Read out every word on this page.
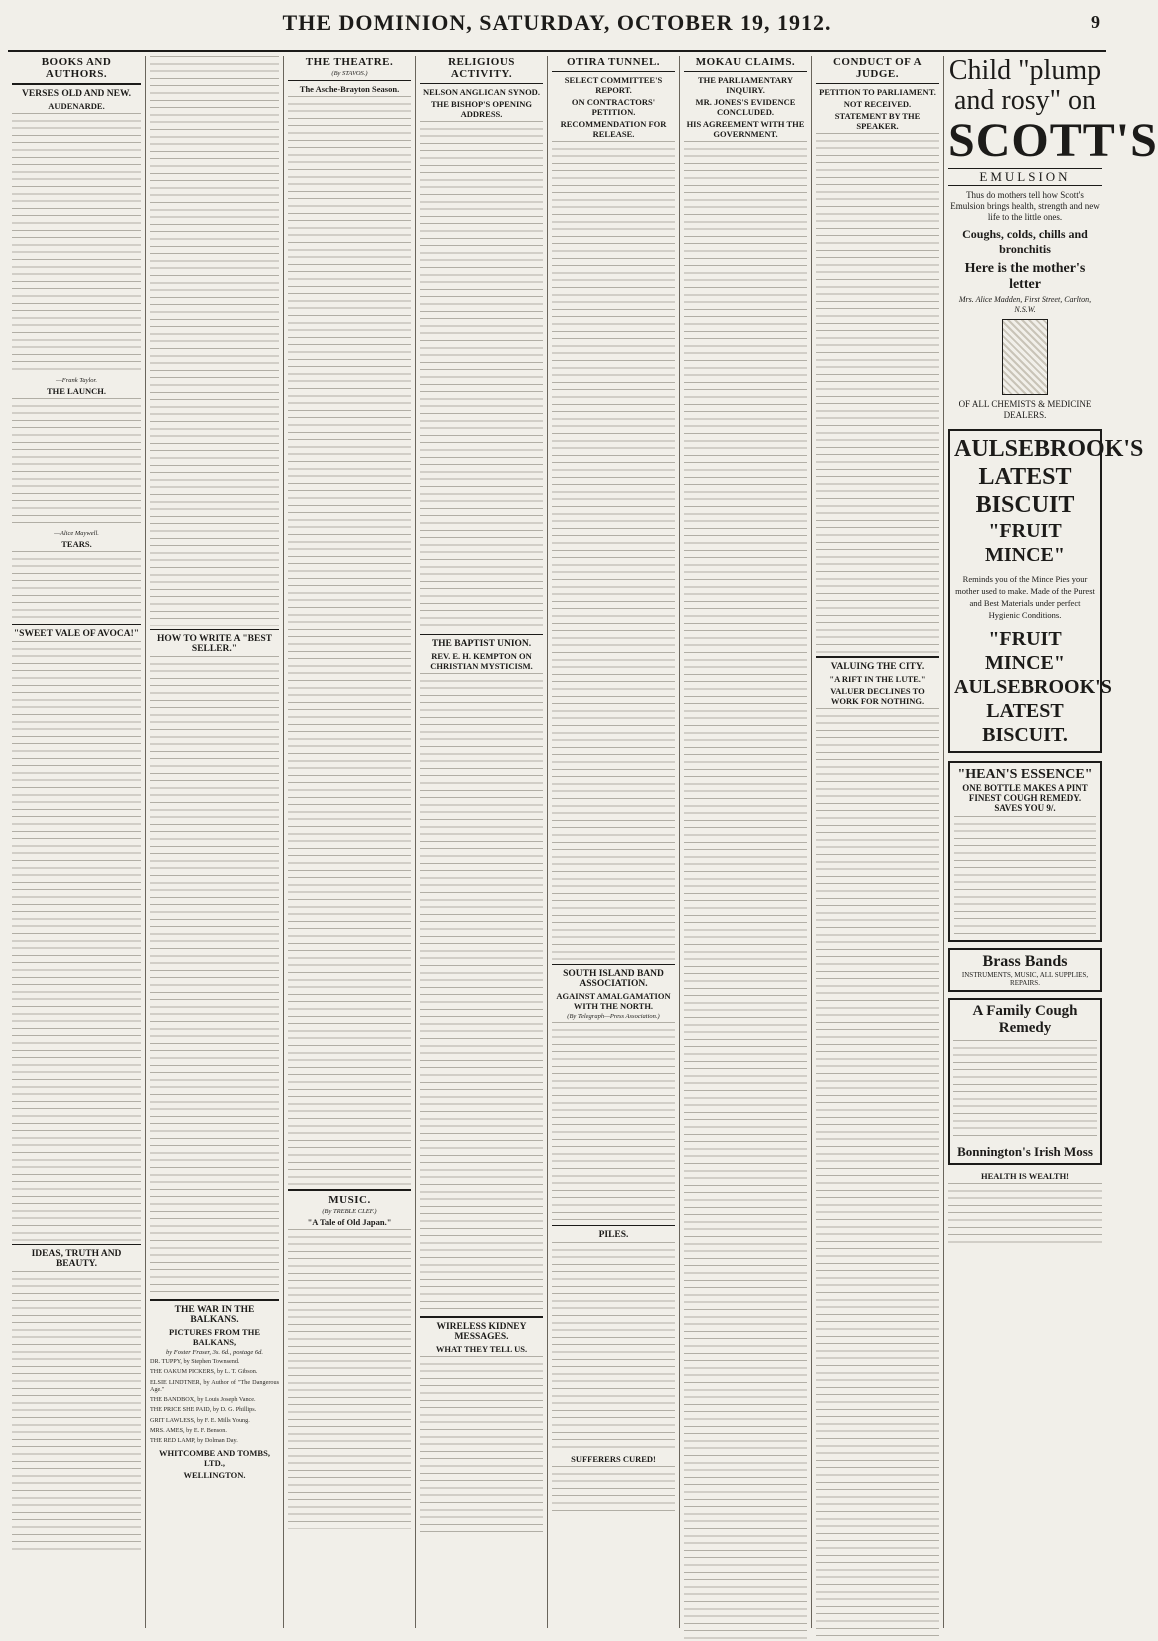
THE DOMINION, SATURDAY, OCTOBER 19, 1912.	9
BOOKS AND AUTHORS.
VERSES OLD AND NEW.
AUDENARDE.
—Frank Taylor.
THE LAUNCH.
—Alice Maywell.
TEARS.
"SWEET VALE OF AVOCA!"
IDEAS, TRUTH AND BEAUTY.
HOW TO WRITE A "BEST SELLER."
THE WAR IN THE BALKANS.
PICTURES FROM THE BALKANS,
by Foster Fraser, 3s. 6d., postage 6d.

DR. TUPPY, by Stephen Townsend.

THE OAKUM PICKERS, by L. T. Gibson.

ELSIE LINDTNER, by Author of "The Dangerous Age."

THE BANDBOX, by Louis Joseph Vance.

THE PRICE SHE PAID, by D. G. Phillips.

GRIT LAWLESS, by F. E. Mills Young.

MRS. AMES, by E. F. Benson.

THE RED LAMP, by Dolman Day.

WHITCOMBE AND TOMBS, LTD.,
WELLINGTON.
THE THEATRE.
(By STAVOS.)
The Asche-Brayton Season.
MUSIC.
(By TREBLE CLEF.)
"A Tale of Old Japan."
RELIGIOUS ACTIVITY.
NELSON ANGLICAN SYNOD.
THE BISHOP'S OPENING ADDRESS.
THE BAPTIST UNION.
REV. E. H. KEMPTON ON CHRISTIAN MYSTICISM.
WIRELESS KIDNEY MESSAGES.
WHAT THEY TELL US.
OTIRA TUNNEL.
SELECT COMMITTEE'S REPORT.
ON CONTRACTORS' PETITION.
RECOMMENDATION FOR RELEASE.
SOUTH ISLAND BAND ASSOCIATION.
AGAINST AMALGAMATION WITH THE NORTH.
(By Telegraph—Press Association.)
PILES.
SUFFERERS CURED!
MOKAU CLAIMS.
THE PARLIAMENTARY INQUIRY.
MR. JONES'S EVIDENCE CONCLUDED.
HIS AGREEMENT WITH THE GOVERNMENT.
CONDUCT OF A JUDGE.
PETITION TO PARLIAMENT.
NOT RECEIVED.
STATEMENT BY THE SPEAKER.
VALUING THE CITY.
"A RIFT IN THE LUTE."
VALUER DECLINES TO WORK FOR NOTHING.
Child "plump
and rosy" on
SCOTT'S
EMULSION
Thus do mothers tell how Scott's Emulsion brings health, strength and new life to the little ones.
Coughs, colds, chills and bronchitis
Here is the mother's letter
Mrs. Alice Madden, First Street, Carlton, N.S.W.
OF ALL CHEMISTS & MEDICINE DEALERS.
AULSEBROOK'S
LATEST
BISCUIT
"FRUIT MINCE"
Reminds you of the Mince Pies your mother used to make. Made of the Purest and Best Materials under perfect Hygienic Conditions.
"FRUIT MINCE"
AULSEBROOK'S
LATEST
BISCUIT.
"HEAN'S ESSENCE"
ONE BOTTLE MAKES A PINT FINEST COUGH REMEDY.
SAVES YOU 9/.
Brass Bands
INSTRUMENTS, MUSIC, ALL SUPPLIES, REPAIRS.
A Family Cough Remedy
Bonnington's Irish Moss
HEALTH IS WEALTH!
